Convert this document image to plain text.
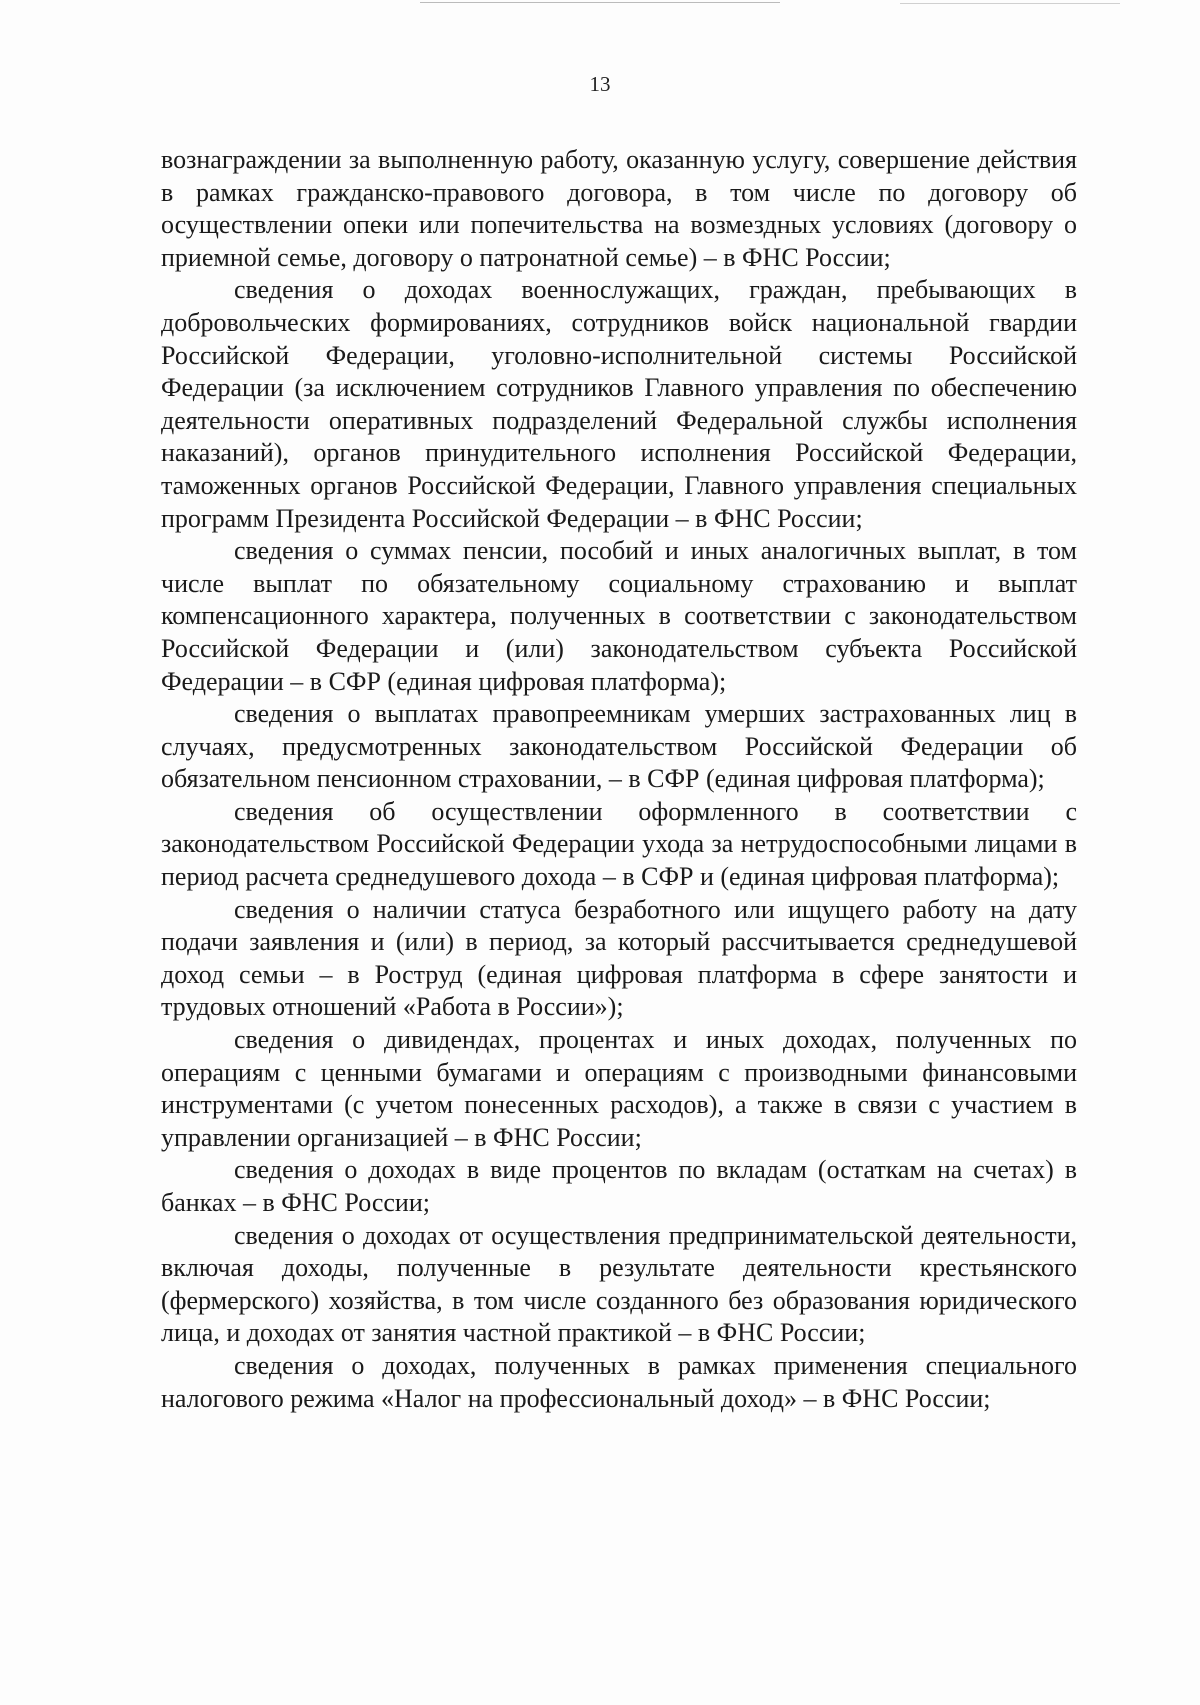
13

вознаграждении за выполненную работу, оказанную услугу, совершение действия в рамках гражданско-правового договора, в том числе по договору об осуществлении опеки или попечительства на возмездных условиях (договору о приемной семье, договору о патронатной семье) – в ФНС России;

сведения о доходах военнослужащих, граждан, пребывающих в добровольческих формированиях, сотрудников войск национальной гвардии Российской Федерации, уголовно-исполнительной системы Российской Федерации (за исключением сотрудников Главного управления по обеспечению деятельности оперативных подразделений Федеральной службы исполнения наказаний), органов принудительного исполнения Российской Федерации, таможенных органов Российской Федерации, Главного управления специальных программ Президента Российской Федерации – в ФНС России;

сведения о суммах пенсии, пособий и иных аналогичных выплат, в том числе выплат по обязательному социальному страхованию и выплат компенсационного характера, полученных в соответствии с законодательством Российской Федерации и (или) законодательством субъекта Российской Федерации – в СФР (единая цифровая платформа);

сведения о выплатах правопреемникам умерших застрахованных лиц в случаях, предусмотренных законодательством Российской Федерации об обязательном пенсионном страховании, – в СФР (единая цифровая платформа);

сведения об осуществлении оформленного в соответствии с законодательством Российской Федерации ухода за нетрудоспособными лицами в период расчета среднедушевого дохода – в СФР и (единая цифровая платформа);

сведения о наличии статуса безработного или ищущего работу на дату подачи заявления и (или) в период, за который рассчитывается среднедушевой доход семьи – в Роструд (единая цифровая платформа в сфере занятости и трудовых отношений «Работа в России»);

сведения о дивидендах, процентах и иных доходах, полученных по операциям с ценными бумагами и операциям с производными финансовыми инструментами (с учетом понесенных расходов), а также в связи с участием в управлении организацией – в ФНС России;

сведения о доходах в виде процентов по вкладам (остаткам на счетах) в банках – в ФНС России;

сведения о доходах от осуществления предпринимательской деятельности, включая доходы, полученные в результате деятельности крестьянского (фермерского) хозяйства, в том числе созданного без образования юридического лица, и доходах от занятия частной практикой – в ФНС России;

сведения о доходах, полученных в рамках применения специального налогового режима «Налог на профессиональный доход» – в ФНС России;
